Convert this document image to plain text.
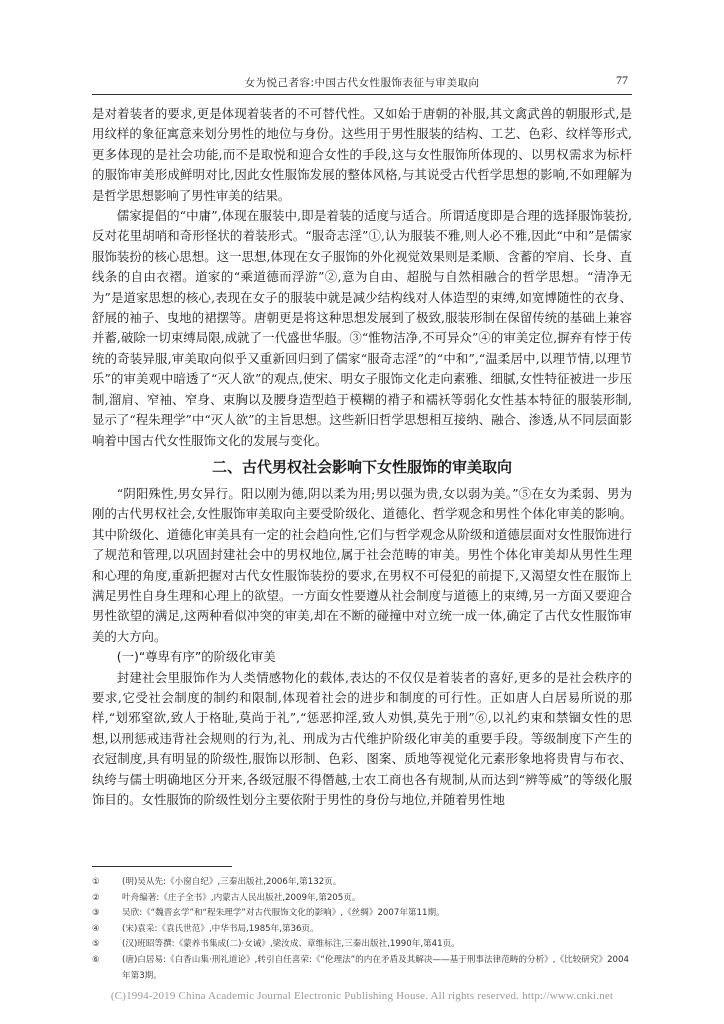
女为悦己者容:中国古代女性服饰表征与审美取向	77

是对着装者的要求,更是体现着装者的不可替代性。又如始于唐朝的补服,其文禽武兽的朝服形式,是用纹样的象征寓意来划分男性的地位与身份。这些用于男性服装的结构、工艺、色彩、纹样等形式,更多体现的是社会功能,而不是取悦和迎合女性的手段,这与女性服饰所体现的、以男权需求为标杆的服饰审美形成鲜明对比,因此女性服饰发展的整体风格,与其说受古代哲学思想的影响,不如理解为是哲学思想影响了男性审美的结果。

儒家提倡的“中庸”,体现在服装中,即是着装的适度与适合。所谓适度即是合理的选择服饰装扮,反对花里胡哨和奇形怪状的着装形式。“服奇志淫”①,认为服装不雅,则人必不雅,因此“中和”是儒家服饰装扮的核心思想。这一思想,体现在女子服饰的外化视觉效果则是柔顺、含蓄的窄肩、长身、直线条的自由衣褶。道家的“乘道德而浮游”②,意为自由、超脱与自然相融合的哲学思想。“清净无为”是道家思想的核心,表现在女子的服装中就是减少结构线对人体造型的束缚,如宽博随性的衣身、舒展的袖子、曳地的裙摆等。唐朝更是将这种思想发展到了极致,服装形制在保留传统的基础上兼容并蓄,破除一切束缚局限,成就了一代盛世华服。③“惟物洁净,不可异众”④的审美定位,摒弃有悖于传统的奇装异服,审美取向似乎又重新回归到了儒家“服奇志淫”的“中和”,“温柔居中,以理节情,以理节乐”的审美观中暗透了“灭人欲”的观点,使宋、明女子服饰文化走向素雅、细腻,女性特征被进一步压制,溜肩、窄袖、窄身、束胸以及腰身造型趋于模糊的褙子和襦袄等弱化女性基本特征的服装形制,显示了“程朱理学”中“灭人欲”的主旨思想。这些新旧哲学思想相互接纳、融合、渗透,从不同层面影响着中国古代女性服饰文化的发展与变化。

二、古代男权社会影响下女性服饰的审美取向

“阴阳殊性,男女异行。阳以刚为德,阴以柔为用;男以强为贵,女以弱为美。”⑤在女为柔弱、男为刚的古代男权社会,女性服饰审美取向主要受阶级化、道德化、哲学观念和男性个体化审美的影响。其中阶级化、道德化审美具有一定的社会趋向性,它们与哲学观念从阶级和道德层面对女性服饰进行了规范和管理,以巩固封建社会中的男权地位,属于社会范畴的审美。男性个体化审美却从男性生理和心理的角度,重新把握对古代女性服饰装扮的要求,在男权不可侵犯的前提下,又渴望女性在服饰上满足男性自身生理和心理上的欲望。一方面女性要遵从社会制度与道德上的束缚,另一方面又要迎合男性欲望的满足,这两种看似冲突的审美,却在不断的碰撞中对立统一成一体,确定了古代女性服饰审美的大方向。

(一)“尊卑有序”的阶级化审美

封建社会里服饰作为人类情感物化的载体,表达的不仅仅是着装者的喜好,更多的是社会秩序的要求,它受社会制度的制约和限制,体现着社会的进步和制度的可行性。正如唐人白居易所说的那样,“划邪窒欲,致人于格耻,莫尚于礼”,“惩恶抑淫,致人劝惧,莫先于刑”⑥,以礼约束和禁锢女性的思想,以刑惩戒违背社会规则的行为,礼、刑成为古代维护阶级化审美的重要手段。等级制度下产生的衣冠制度,具有明显的阶级性,服饰以形制、色彩、图案、质地等视觉化元素形象地将贵胄与布衣、纨绔与儒士明确地区分开来,各级冠服不得僭越,士农工商也各有规制,从而达到“辨等威”的等级化服饰目的。女性服饰的阶级性划分主要依附于男性的身份与地位,并随着男性地

①	(明)吴从先:《小窗自纪》,三秦出版社,2006年,第132页。
②	叶舟编著:《庄子全书》,内蒙古人民出版社,2009年,第205页。
③	吴欣:《“魏晋玄学”和“程朱理学”对古代服饰文化的影响》,《丝绸》2007年第11期。
④	(宋)袁采:《袁氏世范》,中华书局,1985年,第36页。
⑤	(汉)班昭等撰:《蒙养书集成(二)·女诫》,梁汝成、章维标注,三秦出版社,1990年,第41页。
⑥	(唐)白居易:《白香山集·刑礼道论》,转引自任喜荣:《“伦理法”的内在矛盾及其解决——基于刑事法律范畴的分析》,《比较研究》2004年第3期。
(C)1994-2019 China Academic Journal Electronic Publishing House. All rights reserved. http://www.cnki.net
